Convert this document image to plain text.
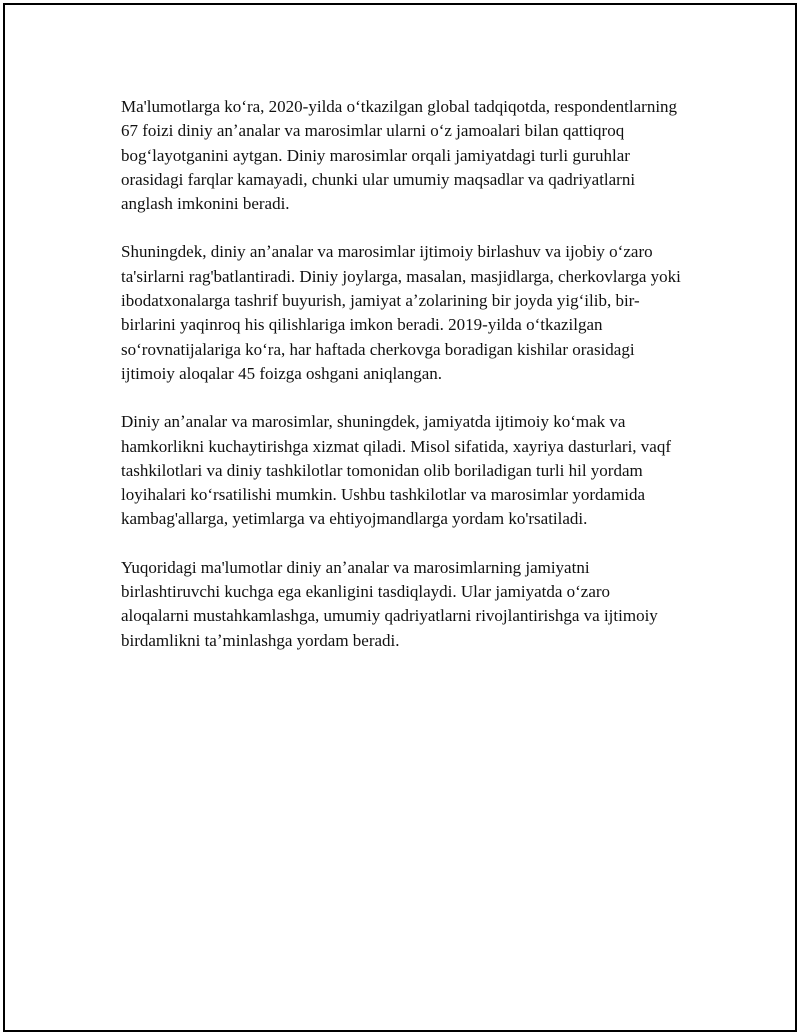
Ma'lumotlarga koʻra, 2020-yilda oʻtkazilgan global tadqiqotda, respondentlarning 67 foizi diniy anʼanalar va marosimlar ularni oʻz jamoalari bilan qattiqroq bogʻlayotganini aytgan. Diniy marosimlar orqali jamiyatdagi turli guruhlar orasidagi farqlar kamayadi, chunki ular umumiy maqsadlar va qadriyatlarni anglash imkonini beradi.

Shuningdek, diniy anʼanalar va marosimlar ijtimoiy birlashuv va ijobiy oʻzaro ta'sirlarni rag'batlantiradi. Diniy joylarga, masalan, masjidlarga, cherkovlarga yoki ibodatxonalarga tashrif buyurish, jamiyat aʼzolarining bir joyda yigʻilib, bir-birlarini yaqinroq his qilishlariga imkon beradi. 2019-yilda oʻtkazilgan soʻrovnatijalariga koʻra, har haftada cherkovga boradigan kishilar orasidagi ijtimoiy aloqalar 45 foizga oshgani aniqlangan.

Diniy anʼanalar va marosimlar, shuningdek, jamiyatda ijtimoiy koʻmak va hamkorlikni kuchaytirishga xizmat qiladi. Misol sifatida, xayriya dasturlari, vaqf tashkilotlari va diniy tashkilotlar tomonidan olib boriladigan turli hil yordam loyihalari koʻrsatilishi mumkin. Ushbu tashkilotlar va marosimlar yordamida kambag'allarga, yetimlarga va ehtiyojmandlarga yordam ko'rsatiladi.

Yuqoridagi ma'lumotlar diniy anʼanalar va marosimlarning jamiyatni birlashtiruvchi kuchga ega ekanligini tasdiqlaydi. Ular jamiyatda oʻzaro aloqalarni mustahkamlashga, umumiy qadriyatlarni rivojlantirishga va ijtimoiy birdamlikni taʼminlashga yordam beradi.
